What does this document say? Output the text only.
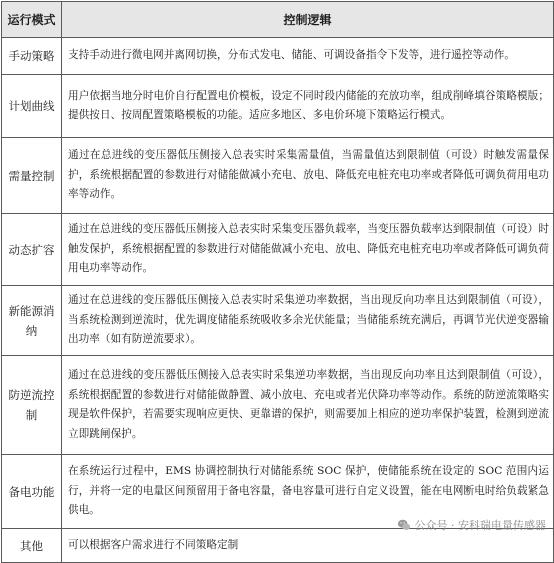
运行模式	控制逻辑
手动策略	支持手动进行微电网并离网切换，分布式发电、储能、可调设备指令下发等，进行遥控等动作。
计划曲线	用户依据当地分时电价自行配置电价模板，设定不同时段内储能的充放功率，组成削峰填谷策略模版；提供按日、按周配置策略模板的功能。适应多地区、多电价环境下策略运行模式。
需量控制	通过在总进线的变压器低压侧接入总表实时采集需量值，当需量值达到限制值（可设）时触发需量保护，系统根据配置的参数进行对储能做减小充电、放电、降低充电桩充电功率或者降低可调负荷用电功率等动作。
动态扩容	通过在总进线的变压器低压侧接入总表实时采集变压器负载率，当变压器负载率达到限制值（可设）时触发保护，系统根据配置的参数进行对储能做减小充电、放电、降低充电桩充电功率或者降低可调负荷用电功率等动作。
新能源消纳	通过在总进线的变压器低压侧接入总表实时采集逆功率数据，当出现反向功率且达到限制值（可设），当系统检测到逆流时，优先调度储能系统吸收多余光伏能量；当储能系统充满后，再调节光伏逆变器输出功率（如有防逆流要求）。
防逆流控制	通过在总进线的变压器低压侧接入总表实时采集逆功率数据，当出现反向功率且达到限制值（可设），系统根据配置的参数进行对储能做静置、减小放电、充电或者光伏降功率等动作。系统的防逆流策略实现是软件保护，若需要实现响应更快、更靠谱的保护，则需要加上相应的逆功率保护装置，检测到逆流立即跳闸保护。
备电功能	在系统运行过程中，EMS 协调控制执行对储能系统 SOC 保护，使储能系统在设定的 SOC 范围内运行，并将一定的电量区间预留用于备电容量，备电容量可进行自定义设置，能在电网断电时给负载紧急供电。
其他	可以根据客户需求进行不同策略定制
公众号 · 安科瑞电量传感器
